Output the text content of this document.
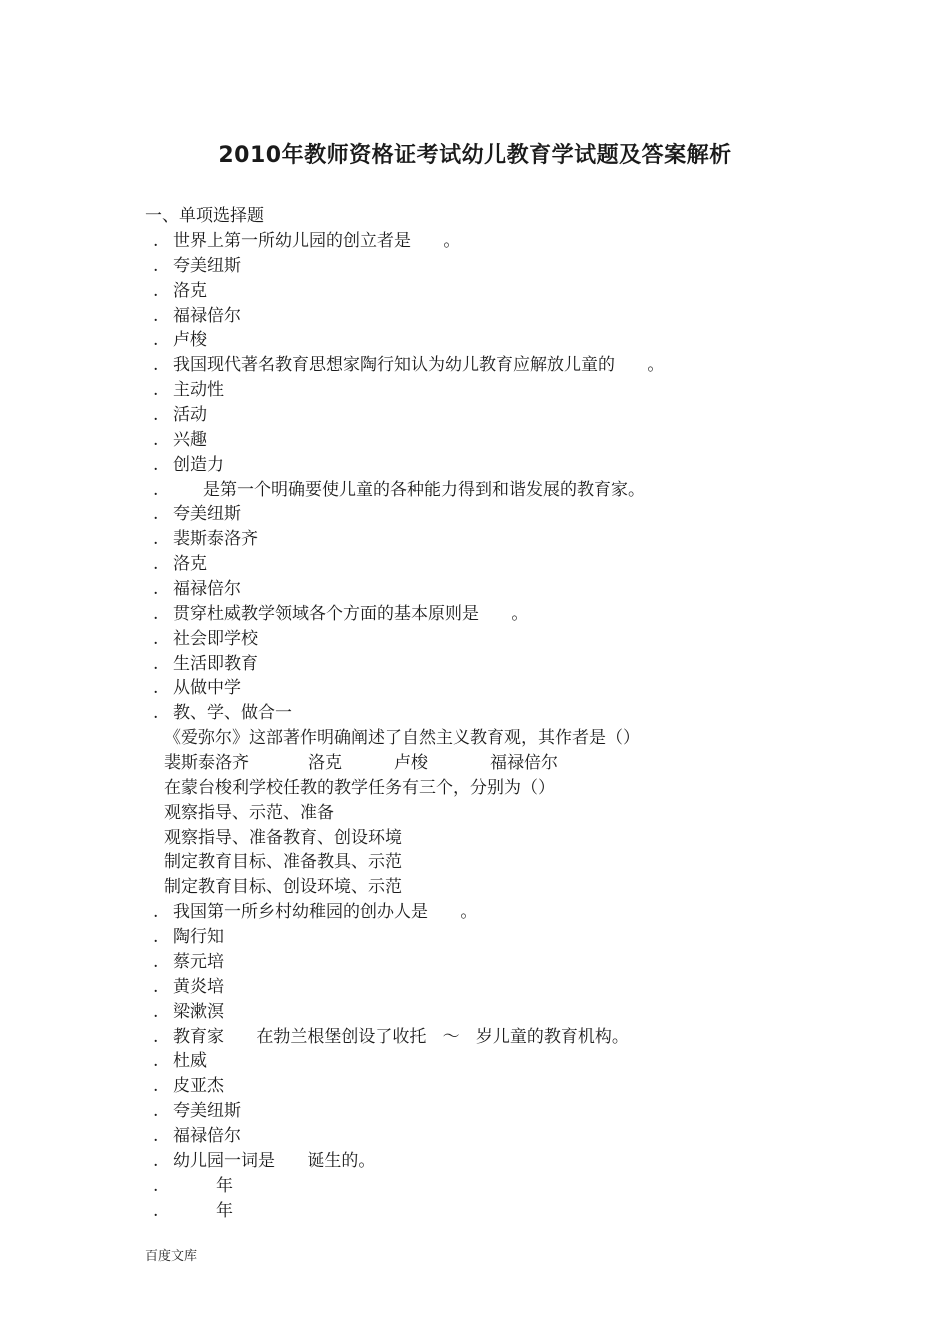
2010年教师资格证考试幼儿教育学试题及答案解析
一、单项选择题
. 世界上第一所幼儿园的创立者是      。
. 夸美纽斯
. 洛克
. 福禄倍尔
. 卢梭
. 我国现代著名教育思想家陶行知认为幼儿教育应解放儿童的      。
. 主动性
. 活动
. 兴趣
. 创造力
.	是第一个明确要使儿童的各种能力得到和谐发展的教育家。
. 夸美纽斯
. 裴斯泰洛齐
. 洛克
. 福禄倍尔
. 贯穿杜威教学领域各个方面的基本原则是      。
. 社会即学校
. 生活即教育
. 从做中学
. 教、学、做合一
《爱弥尔》这部著作明确阐述了自然主义教育观，其作者是（）
裴斯泰洛齐	洛克	卢梭	福禄倍尔
在蒙台梭利学校任教的教学任务有三个，分别为（）
观察指导、示范、准备
观察指导、准备教育、创设环境
制定教育目标、准备教具、示范
制定教育目标、创设环境、示范
. 我国第一所乡村幼稚园的创办人是      。
. 陶行知
. 蔡元培
. 黄炎培
. 梁漱溟
. 教育家      在勃兰根堡创设了收托   ～   岁儿童的教育机构。
. 杜威
. 皮亚杰
. 夸美纽斯
. 福禄倍尔
. 幼儿园一词是      诞生的。
.	年
.	年
百度文库
